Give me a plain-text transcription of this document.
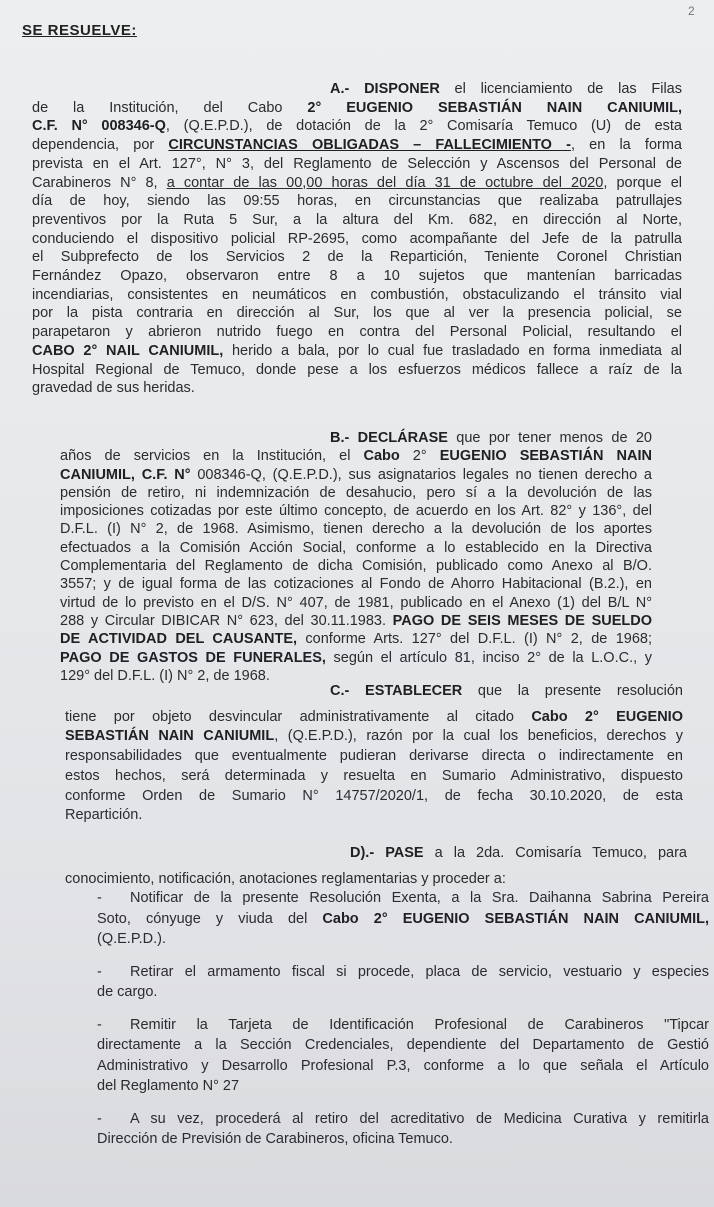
2
SE RESUELVE:
A.- DISPONER el licenciamiento de las Filas
de la Institución, del Cabo 2° EUGENIO SEBASTIÁN NAIN CANIUMIL,
C.F. N° 008346-Q, (Q.E.P.D.), de dotación de la 2° Comisaría Temuco (U) de esta
dependencia, por CIRCUNSTANCIAS OBLIGADAS – FALLECIMIENTO -, en la forma
prevista en el Art. 127°, N° 3, del Reglamento de Selección y Ascensos del Personal de
Carabineros N° 8, a contar de las 00,00 horas del día 31 de octubre del 2020, porque el
día de hoy, siendo las 09:55 horas, en circunstancias que realizaba patrullajes
preventivos por la Ruta 5 Sur, a la altura del Km. 682, en dirección al Norte,
conduciendo el dispositivo policial RP-2695, como acompañante del Jefe de la patrulla
el Subprefecto de los Servicios 2 de la Repartición, Teniente Coronel Christian
Fernández Opazo, observaron entre 8 a 10 sujetos que mantenían barricadas
incendiarias, consistentes en neumáticos en combustión, obstaculizando el tránsito vial
por la pista contraria en dirección al Sur, los que al ver la presencia policial, se
parapetaron y abrieron nutrido fuego en contra del Personal Policial, resultando el
CABO 2° NAIL CANIUMIL, herido a bala, por lo cual fue trasladado en forma inmediata al
Hospital Regional de Temuco, donde pese a los esfuerzos médicos fallece a raíz de la
gravedad de sus heridas.
B.- DECLÁRASE que por tener menos de 20
años de servicios en la Institución, el Cabo 2° EUGENIO SEBASTIÁN NAIN
CANIUMIL, C.F. N° 008346-Q, (Q.E.P.D.), sus asignatarios legales no tienen derecho a
pensión de retiro, ni indemnización de desahucio, pero sí a la devolución de las
imposiciones cotizadas por este último concepto, de acuerdo en los Art. 82° y 136°, del
D.F.L. (I) N° 2, de 1968. Asimismo, tienen derecho a la devolución de los aportes
efectuados a la Comisión Acción Social, conforme a lo establecido en la Directiva
Complementaria del Reglamento de dicha Comisión, publicado como Anexo al B/O.
3557; y de igual forma de las cotizaciones al Fondo de Ahorro Habitacional (B.2.), en
virtud de lo previsto en el D/S. N° 407, de 1981, publicado en el Anexo (1) del B/L N°
288 y Circular DIBICAR N° 623, del 30.11.1983. PAGO DE SEIS MESES DE SUELDO
DE ACTIVIDAD DEL CAUSANTE, conforme Arts. 127° del D.F.L. (I) N° 2, de 1968;
PAGO DE GASTOS DE FUNERALES, según el artículo 81, inciso 2° de la L.O.C., y
129° del D.F.L. (I) N° 2, de 1968.
C.- ESTABLECER que la presente resolución
tiene por objeto desvincular administrativamente al citado Cabo 2° EUGENIO
SEBASTIÁN NAIN CANIUMIL, (Q.E.P.D.), razón por la cual los beneficios, derechos y
responsabilidades que eventualmente pudieran derivarse directa o indirectamente en
estos hechos, será determinada y resuelta en Sumario Administrativo, dispuesto
conforme Orden de Sumario N° 14757/2020/1, de fecha 30.10.2020, de esta
Repartición.
D).- PASE a la 2da. Comisaría Temuco, para
conocimiento, notificación, anotaciones reglamentarias y proceder a:
- Notificar de la presente Resolución Exenta, a la Sra. Daihanna Sabrina Pereira
Soto, cónyuge y viuda del Cabo 2° EUGENIO SEBASTIÁN NAIN CANIUMIL,
(Q.E.P.D.).
- Retirar el armamento fiscal si procede, placa de servicio, vestuario y especies
de cargo.
- Remitir la Tarjeta de Identificación Profesional de Carabineros "Tipcar
directamente a la Sección Credenciales, dependiente del Departamento de Gestió
Administrativo y Desarrollo Profesional P.3, conforme a lo que señala el Artículo
del Reglamento N° 27
- A su vez, procederá al retiro del acreditativo de Medicina Curativa y remitirla
Dirección de Previsión de Carabineros, oficina Temuco.
